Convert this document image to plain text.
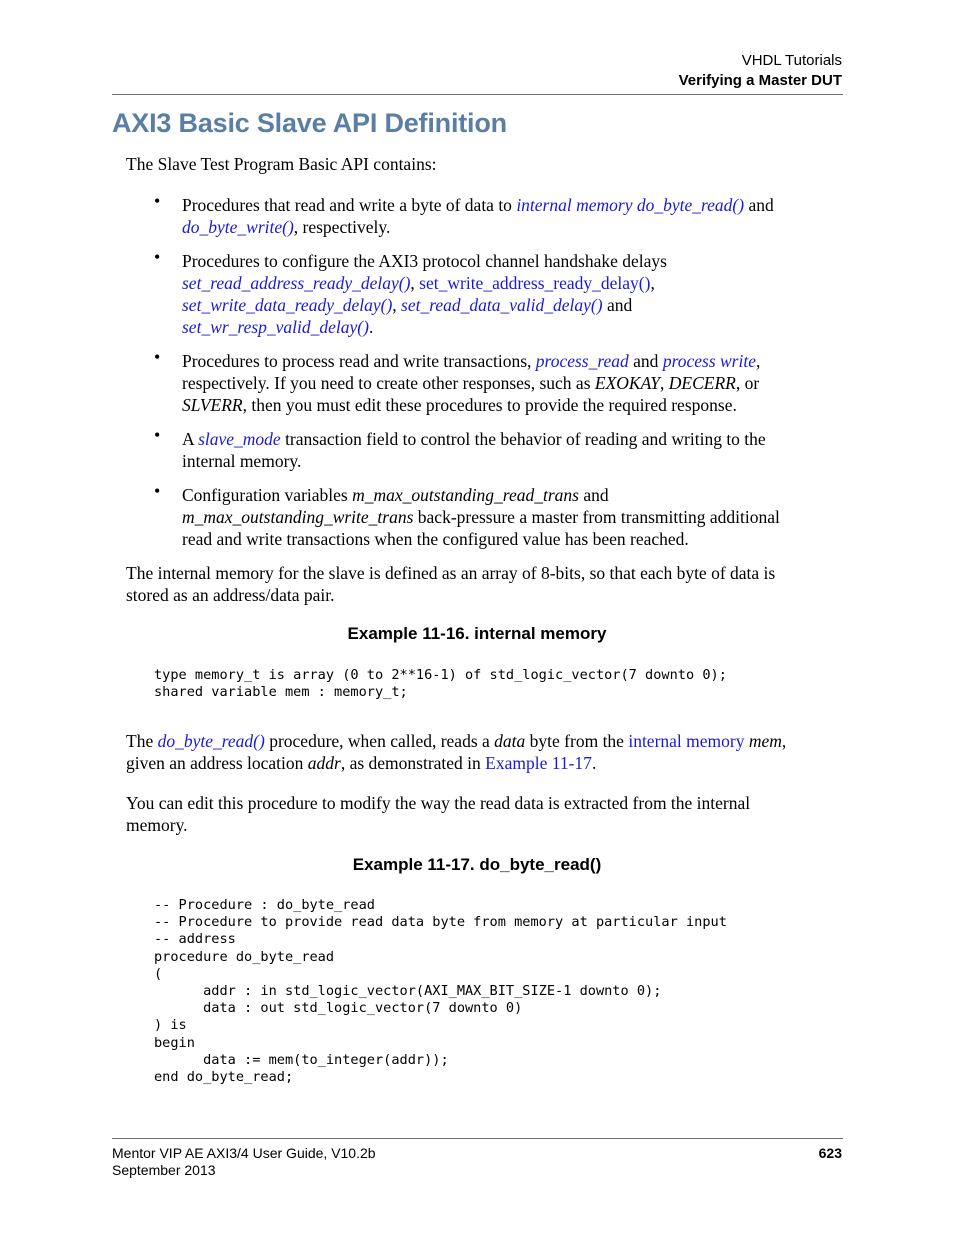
VHDL Tutorials
Verifying a Master DUT
AXI3 Basic Slave API Definition
The Slave Test Program Basic API contains:
• Procedures that read and write a byte of data to internal memory do_byte_read() and
do_byte_write(), respectively.
• Procedures to configure the AXI3 protocol channel handshake delays
set_read_address_ready_delay(), set_write_address_ready_delay(),
set_write_data_ready_delay(), set_read_data_valid_delay() and
set_wr_resp_valid_delay().
• Procedures to process read and write transactions, process_read and process write,
respectively. If you need to create other responses, such as EXOKAY, DECERR, or
SLVERR, then you must edit these procedures to provide the required response.
• A slave_mode transaction field to control the behavior of reading and writing to the
internal memory.
• Configuration variables m_max_outstanding_read_trans and
m_max_outstanding_write_trans back-pressure a master from transmitting additional
read and write transactions when the configured value has been reached.
The internal memory for the slave is defined as an array of 8-bits, so that each byte of data is
stored as an address/data pair.
Example 11-16. internal memory
type memory_t is array (0 to 2**16-1) of std_logic_vector(7 downto 0);
shared variable mem : memory_t;
The do_byte_read() procedure, when called, reads a data byte from the internal memory mem,
given an address location addr, as demonstrated in Example 11-17.
You can edit this procedure to modify the way the read data is extracted from the internal
memory.
Example 11-17. do_byte_read()
-- Procedure : do_byte_read
-- Procedure to provide read data byte from memory at particular input
-- address
procedure do_byte_read
(
addr : in std_logic_vector(AXI_MAX_BIT_SIZE-1 downto 0);
data : out std_logic_vector(7 downto 0)
) is
begin
data := mem(to_integer(addr));
end do_byte_read;
Mentor VIP AE AXI3/4 User Guide, V10.2b
September 2013
623
